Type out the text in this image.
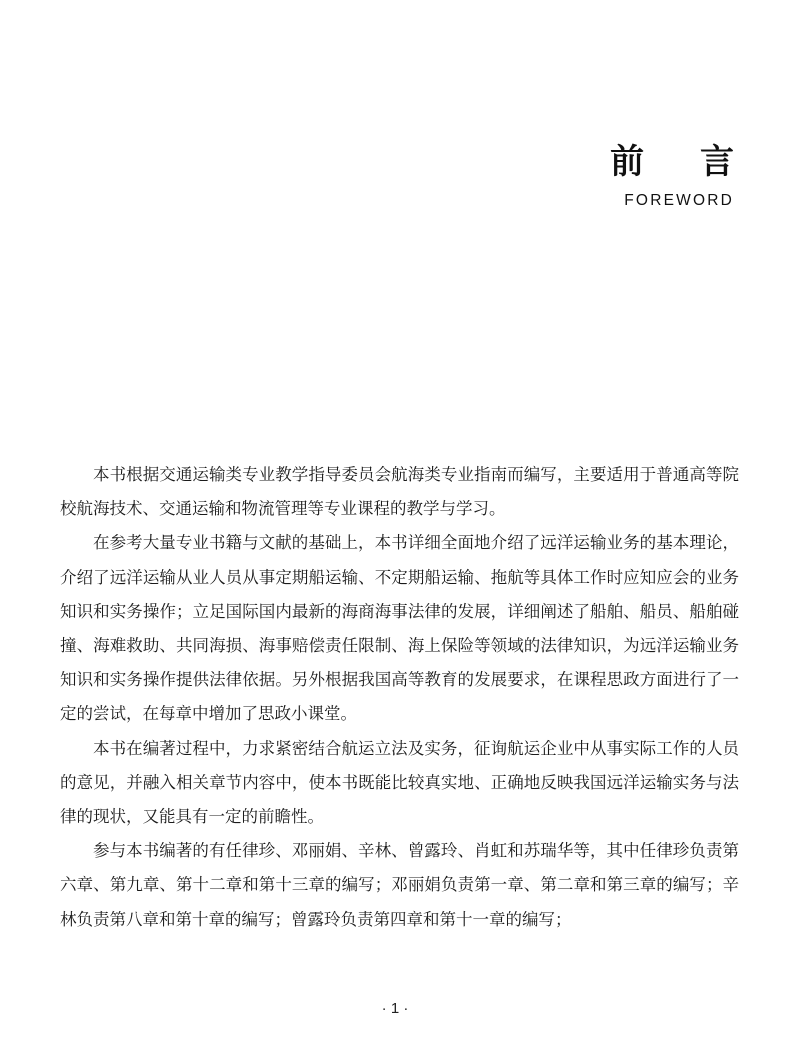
前 言
FOREWORD

本书根据交通运输类专业教学指导委员会航海类专业指南而编写，主要适用于普通高等院校航海技术、交通运输和物流管理等专业课程的教学与学习。

在参考大量专业书籍与文献的基础上，本书详细全面地介绍了远洋运输业务的基本理论，介绍了远洋运输从业人员从事定期船运输、不定期船运输、拖航等具体工作时应知应会的业务知识和实务操作；立足国际国内最新的海商海事法律的发展，详细阐述了船舶、船员、船舶碰撞、海难救助、共同海损、海事赔偿责任限制、海上保险等领域的法律知识，为远洋运输业务知识和实务操作提供法律依据。另外根据我国高等教育的发展要求，在课程思政方面进行了一定的尝试，在每章中增加了思政小课堂。

本书在编著过程中，力求紧密结合航运立法及实务，征询航运企业中从事实际工作的人员的意见，并融入相关章节内容中，使本书既能比较真实地、正确地反映我国远洋运输实务与法律的现状，又能具有一定的前瞻性。

参与本书编著的有任律珍、邓丽娟、辛林、曾露玲、肖虹和苏瑞华等，其中任律珍负责第六章、第九章、第十二章和第十三章的编写；邓丽娟负责第一章、第二章和第三章的编写；辛林负责第八章和第十章的编写；曾露玲负责第四章和第十一章的编写；

· 1 ·
